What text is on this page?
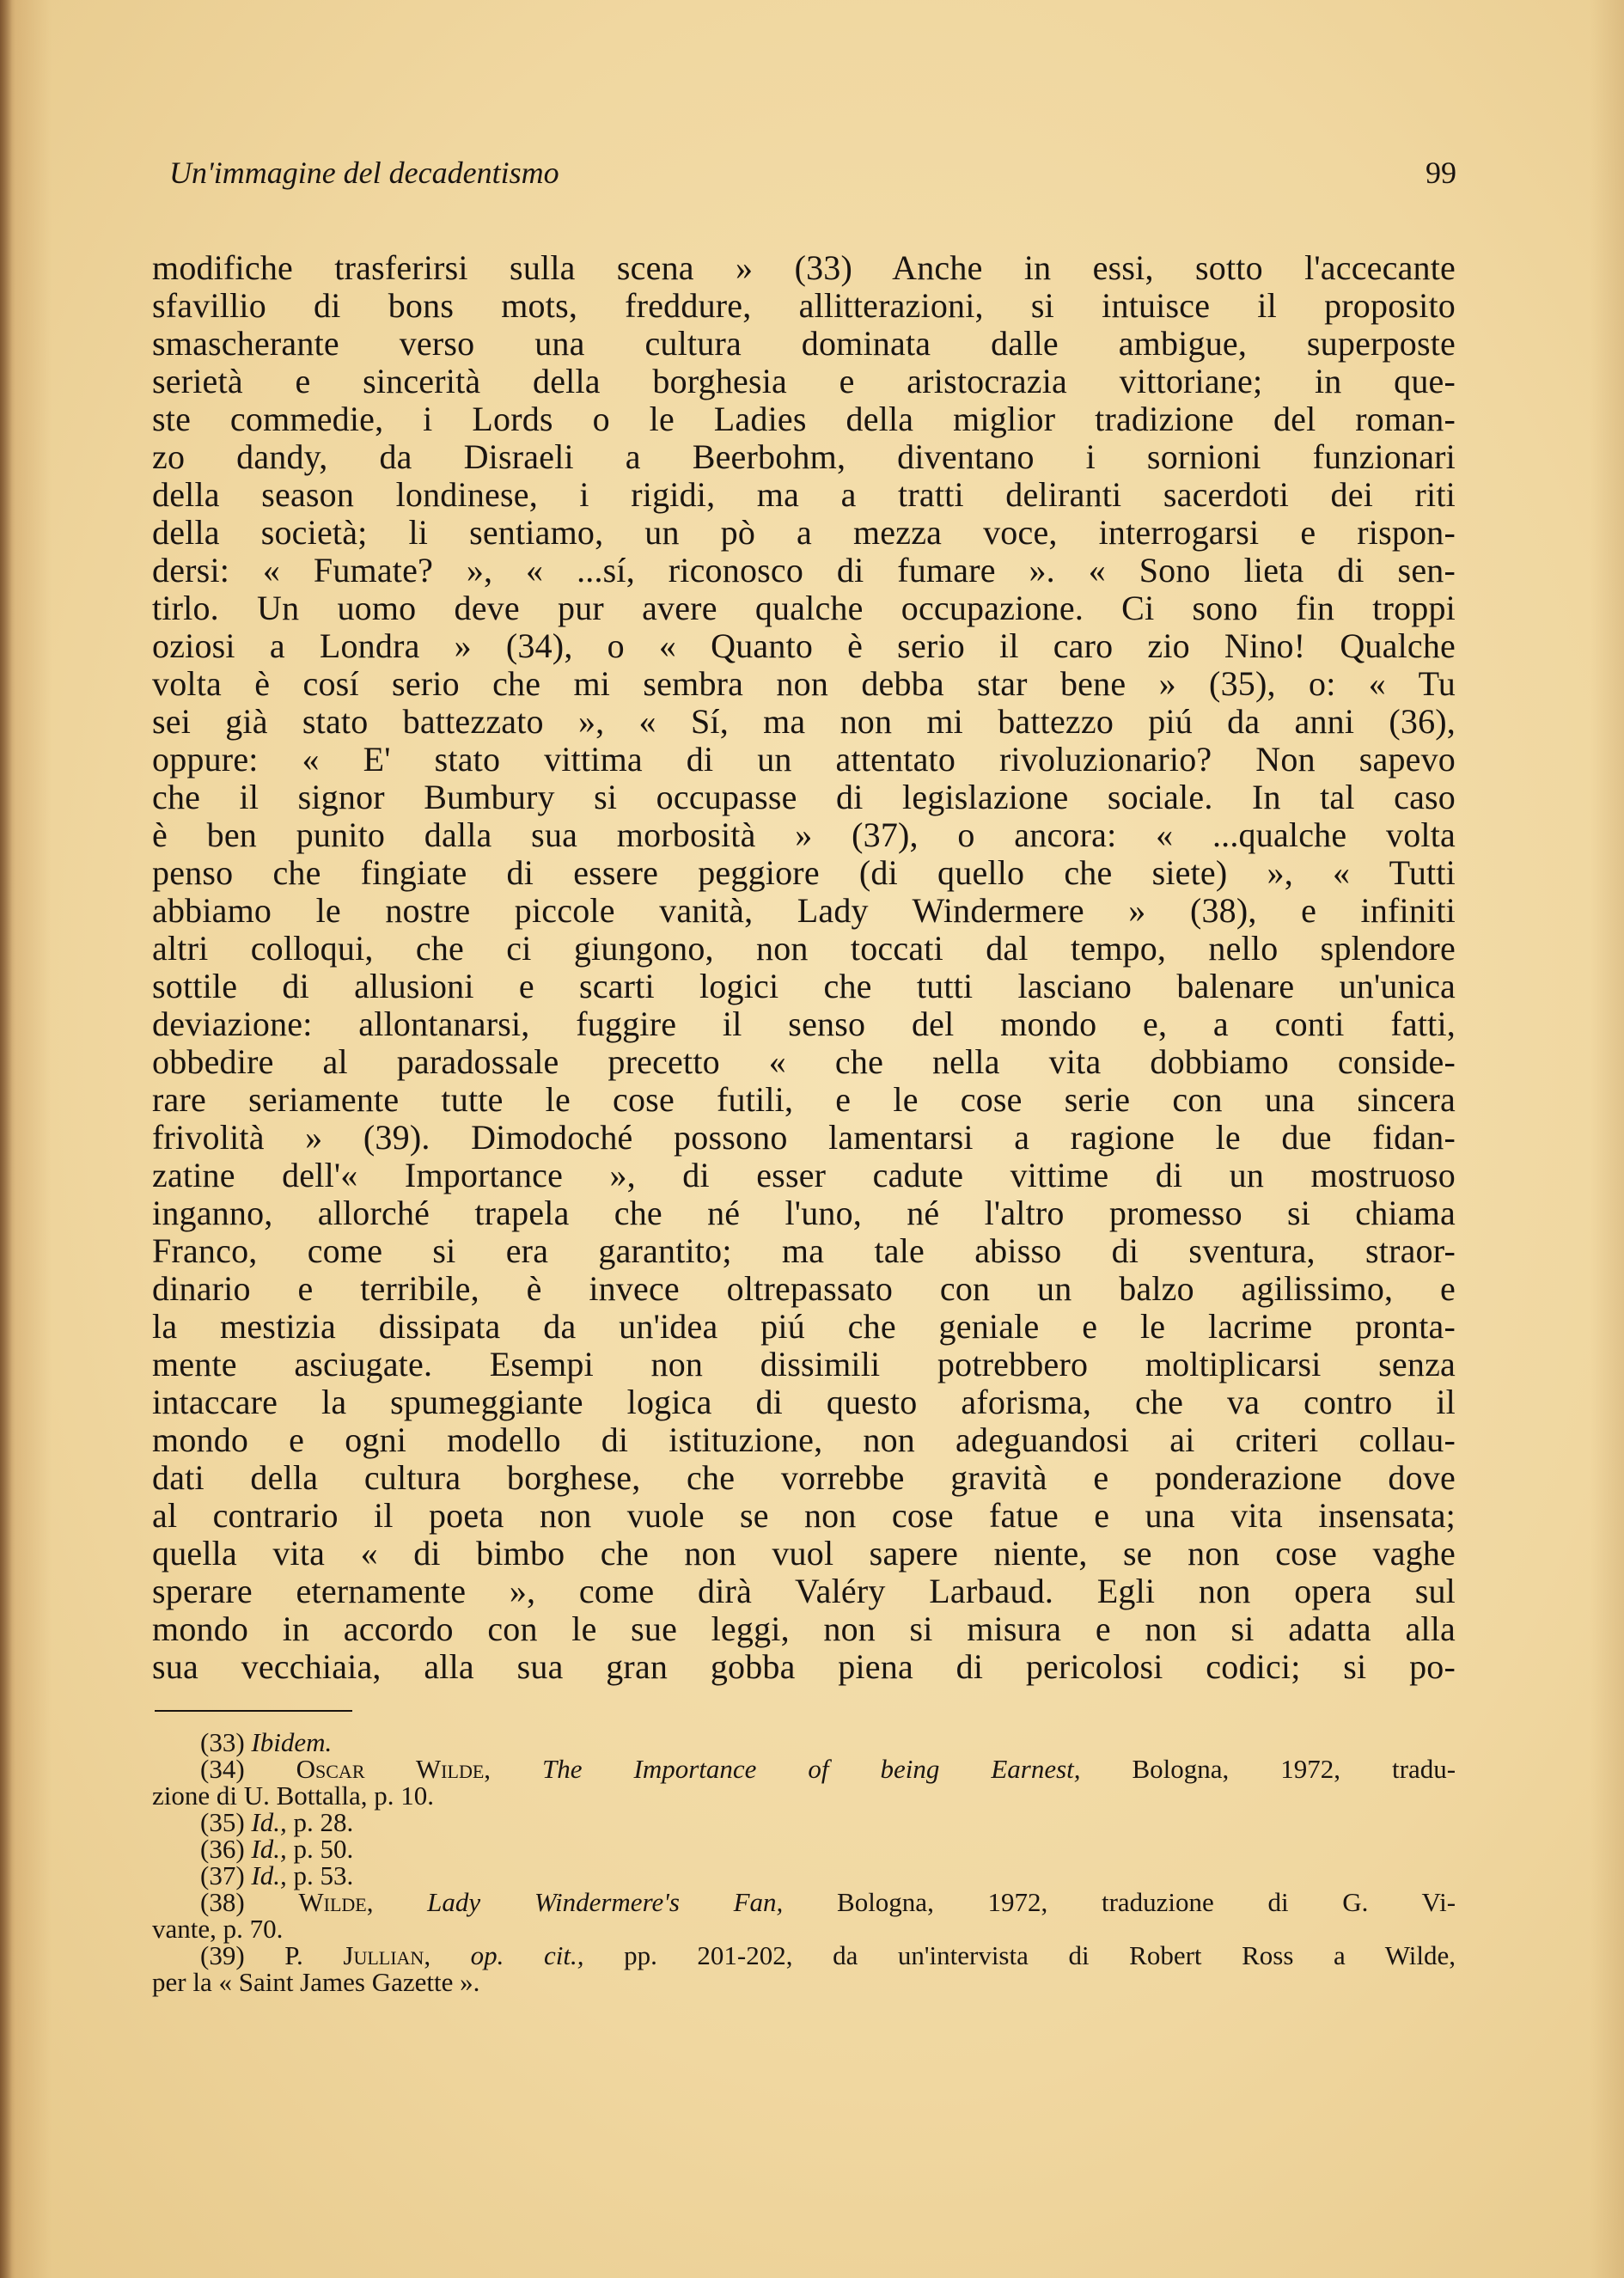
Un'immagine del decadentismo	99
modifiche trasferirsi sulla scena » (33) Anche in essi, sotto l'accecante
sfavillio di bons mots, freddure, allitterazioni, si intuisce il proposito
smascherante verso una cultura dominata dalle ambigue, superposte
serietà e sincerità della borghesia e aristocrazia vittoriane; in que-
ste commedie, i Lords o le Ladies della miglior tradizione del roman-
zo dandy, da Disraeli a Beerbohm, diventano i sornioni funzionari
della season londinese, i rigidi, ma a tratti deliranti sacerdoti dei riti
della società; li sentiamo, un pò a mezza voce, interrogarsi e rispon-
dersi: « Fumate? », « ...sí, riconosco di fumare ». « Sono lieta di sen-
tirlo. Un uomo deve pur avere qualche occupazione. Ci sono fin troppi
oziosi a Londra » (34), o « Quanto è serio il caro zio Nino! Qualche
volta è cosí serio che mi sembra non debba star bene » (35), o: « Tu
sei già stato battezzato », « Sí, ma non mi battezzo piú da anni (36),
oppure: « E' stato vittima di un attentato rivoluzionario? Non sapevo
che il signor Bumbury si occupasse di legislazione sociale. In tal caso
è ben punito dalla sua morbosità » (37), o ancora: « ...qualche volta
penso che fingiate di essere peggiore (di quello che siete) », « Tutti
abbiamo le nostre piccole vanità, Lady Windermere » (38), e infiniti
altri colloqui, che ci giungono, non toccati dal tempo, nello splendore
sottile di allusioni e scarti logici che tutti lasciano balenare un'unica
deviazione: allontanarsi, fuggire il senso del mondo e, a conti fatti,
obbedire al paradossale precetto « che nella vita dobbiamo conside-
rare seriamente tutte le cose futili, e le cose serie con una sincera
frivolità » (39). Dimodoché possono lamentarsi a ragione le due fidan-
zatine dell'« Importance », di esser cadute vittime di un mostruoso
inganno, allorché trapela che né l'uno, né l'altro promesso si chiama
Franco, come si era garantito; ma tale abisso di sventura, straor-
dinario e terribile, è invece oltrepassato con un balzo agilissimo, e
la mestizia dissipata da un'idea piú che geniale e le lacrime pronta-
mente asciugate. Esempi non dissimili potrebbero moltiplicarsi senza
intaccare la spumeggiante logica di questo aforisma, che va contro il
mondo e ogni modello di istituzione, non adeguandosi ai criteri collau-
dati della cultura borghese, che vorrebbe gravità e ponderazione dove
al contrario il poeta non vuole se non cose fatue e una vita insensata;
quella vita « di bimbo che non vuol sapere niente, se non cose vaghe
sperare eternamente », come dirà Valéry Larbaud. Egli non opera sul
mondo in accordo con le sue leggi, non si misura e non si adatta alla
sua vecchiaia, alla sua gran gobba piena di pericolosi codici; si po-
(33) Ibidem.
(34) Oscar Wilde, The Importance of being Earnest, Bologna, 1972, tradu-
zione di U. Bottalla, p. 10.
(35) Id., p. 28.
(36) Id., p. 50.
(37) Id., p. 53.
(38) Wilde, Lady Windermere's Fan, Bologna, 1972, traduzione di G. Vi-
vante, p. 70.
(39) P. Jullian, op. cit., pp. 201-202, da un'intervista di Robert Ross a Wilde,
per la « Saint James Gazette ».
